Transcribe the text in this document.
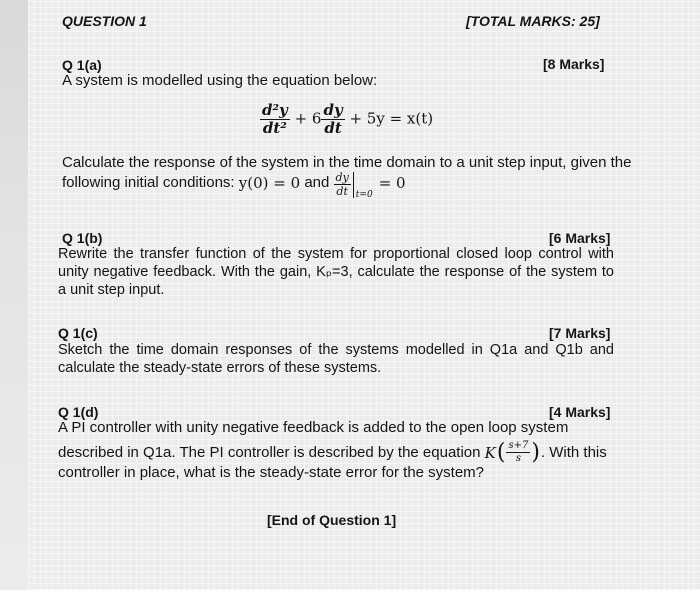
QUESTION 1	[TOTAL MARKS: 25]
Q 1(a)	[8 Marks]
A system is modelled using the equation below:
$\frac{\text{d²y}}{\text{dt²}} + 6 \frac{dy}{dt} + 5y = x(t)$
Calculate the response of the system in the time domain to a unit step input, given the
following initial conditions:
y(0) = 0
and
$\frac{dy}{dt} t=0$
= 0
Q 1(b)	[6 Marks]
Rewrite the transfer function of the system for proportional closed loop control with unity negative feedback. With the gain, Kₚ=3, calculate the response of the system to a unit step input.
Q 1(c)	[7 Marks]
Sketch the time domain responses of the systems modelled in Q1a and Q1b and calculate the steady-state errors of these systems.
Q 1(d)	[4 Marks]
A PI controller with unity negative feedback is added to the open loop system
described in Q1a. The PI controller is described by the equation
K ( $\frac{s+7}{s}$ ) . With this
controller in place, what is the steady-state error for the system?
[End of Question 1]
